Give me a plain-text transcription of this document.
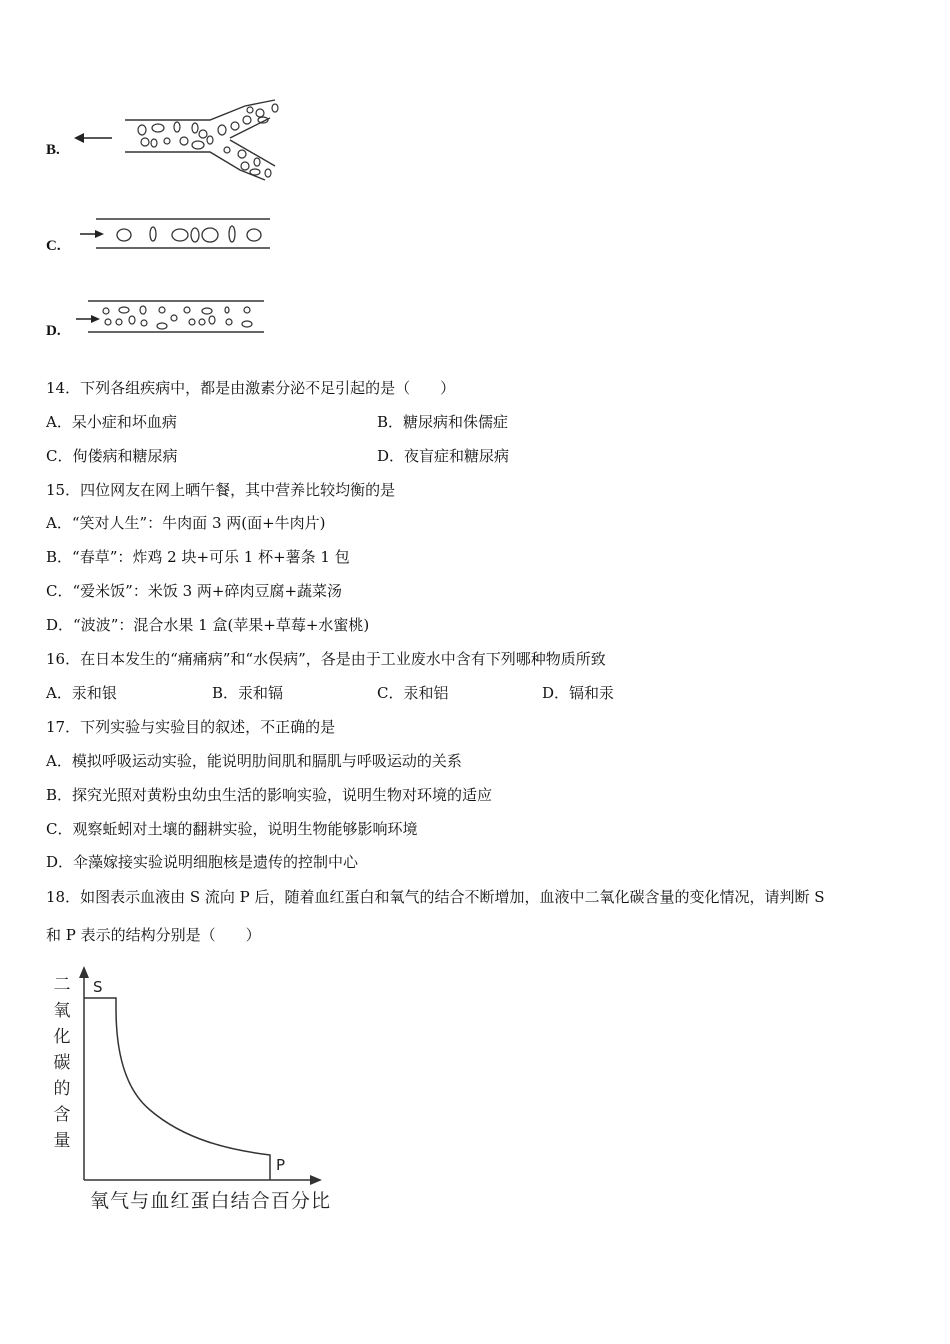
B.
C.
D.
14．下列各组疾病中，都是由激素分泌不足引起的是（　　）
A．呆小症和坏血病	B．糖尿病和侏儒症
C．佝偻病和糖尿病	D．夜盲症和糖尿病
15．四位网友在网上晒午餐，其中营养比较均衡的是
A．“笑对人生”：牛肉面 3 两(面+牛肉片)
B．“春草”：炸鸡 2 块+可乐 1 杯+薯条 1 包
C．“爱米饭”：米饭 3 两+碎肉豆腐+蔬菜汤
D．“波波”：混合水果 1 盒(苹果+草莓+水蜜桃)
16．在日本发生的“痛痛病”和“水俣病”，各是由于工业废水中含有下列哪种物质所致
A．汞和银	B．汞和镉	C．汞和铝	D．镉和汞
17．下列实验与实验目的叙述，不正确的是
A．模拟呼吸运动实验，能说明肋间肌和膈肌与呼吸运动的关系
B．探究光照对黄粉虫幼虫生活的影响实验，说明生物对环境的适应
C．观察蚯蚓对土壤的翻耕实验，说明生物能够影响环境
D．伞藻嫁接实验说明细胞核是遗传的控制中心
18．如图表示血液由 S 流向 P 后，随着血红蛋白和氧气的结合不断增加，血液中二氧化碳含量的变化情况，请判断 S
和 P 表示的结构分别是（　　）
S
P
二
氧
化
碳
的
含
量
氧气与血红蛋白结合百分比
